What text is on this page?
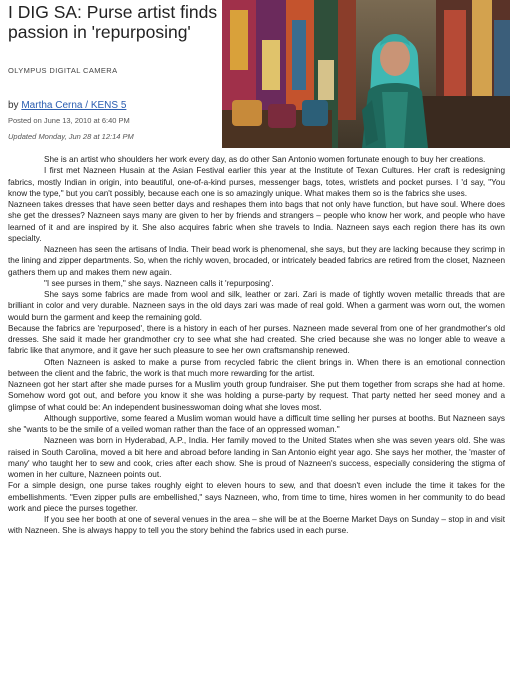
I DIG SA: Purse artist finds passion in 'repurposing'
OLYMPUS DIGITAL CAMERA
by Martha Cerna / KENS 5
Posted on June 13, 2010 at 6:40 PM
Updated Monday, Jun 28 at 12:14 PM

She is an artist who shoulders her work every day, as do other San Antonio women fortunate enough to buy her creations.

I first met Nazneen Husain at the Asian Festival earlier this year at the Institute of Texan Cultures. Her craft is redesigning fabrics, mostly Indian in origin, into beautiful, one-of-a-kind purses, messenger bags, totes, wristlets and pocket purses. I 'd say, "You know the type," but you can't possibly, because each one is so amazingly unique. What makes them so is the fabrics she uses.

Nazneen takes dresses that have seen better days and reshapes them into bags that not only have function, but have soul. Where does she get the dresses? Nazneen says many are given to her by friends and strangers – people who know her work, and people who have learned of it and are inspired by it. She also acquires fabric when she travels to India. Nazneen says each region there has its own specialty.

Nazneen has seen the artisans of India. Their bead work is phenomenal, she says, but they are lacking because they scrimp in the lining and zipper departments. So, when the richly woven, brocaded, or intricately beaded fabrics are retired from the closet, Nazneen gathers them up and makes them new again.

"I see purses in them," she says. Nazneen calls it 'repurposing'.

She says some fabrics are made from wool and silk, leather or zari. Zari is made of tightly woven metallic threads that are brilliant in color and very durable. Nazneen says in the old days zari was made of real gold. When a garment was worn out, the women would burn the garment and keep the remaining gold.

Because the fabrics are 'repurposed', there is a history in each of her purses. Nazneen made several from one of her grandmother's old dresses. She said it made her grandmother cry to see what she had created. She cried because she was no longer able to weave a fabric like that anymore, and it gave her such pleasure to see her own craftsmanship renewed.

Often Nazneen is asked to make a purse from recycled fabric the client brings in. When there is an emotional connection between the client and the fabric, the work is that much more rewarding for the artist.

Nazneen got her start after she made purses for a Muslim youth group fundraiser. She put them together from scraps she had at home. Somehow word got out, and before you know it she was holding a purse-party by request. That party netted her seed money and a glimpse of what could be: An independent businesswoman doing what she loves most.

Although supportive, some feared a Muslim woman would have a difficult time selling her purses at booths. But Nazneen says she "wants to be the smile of a veiled woman rather than the face of an oppressed woman."

Nazneen was born in Hyderabad, A.P., India. Her family moved to the United States when she was seven years old. She was raised in South Carolina, moved a bit here and abroad before landing in San Antonio eight year ago. She says her mother, the 'master of many' who taught her to sew and cook, cries after each show. She is proud of Nazneen's success, especially considering the stigma of women in her culture, Nazneen points out.

For a simple design, one purse takes roughly eight to eleven hours to sew, and that doesn't even include the time it takes for the embellishments. "Even zipper pulls are embellished," says Nazneen, who, from time to time, hires women in her community to do bead work and piece the purses together.

If you see her booth at one of several venues in the area – she will be at the Boerne Market Days on Sunday – stop in and visit with Nazneen. She is always happy to tell you the story behind the fabrics used in each purse.
